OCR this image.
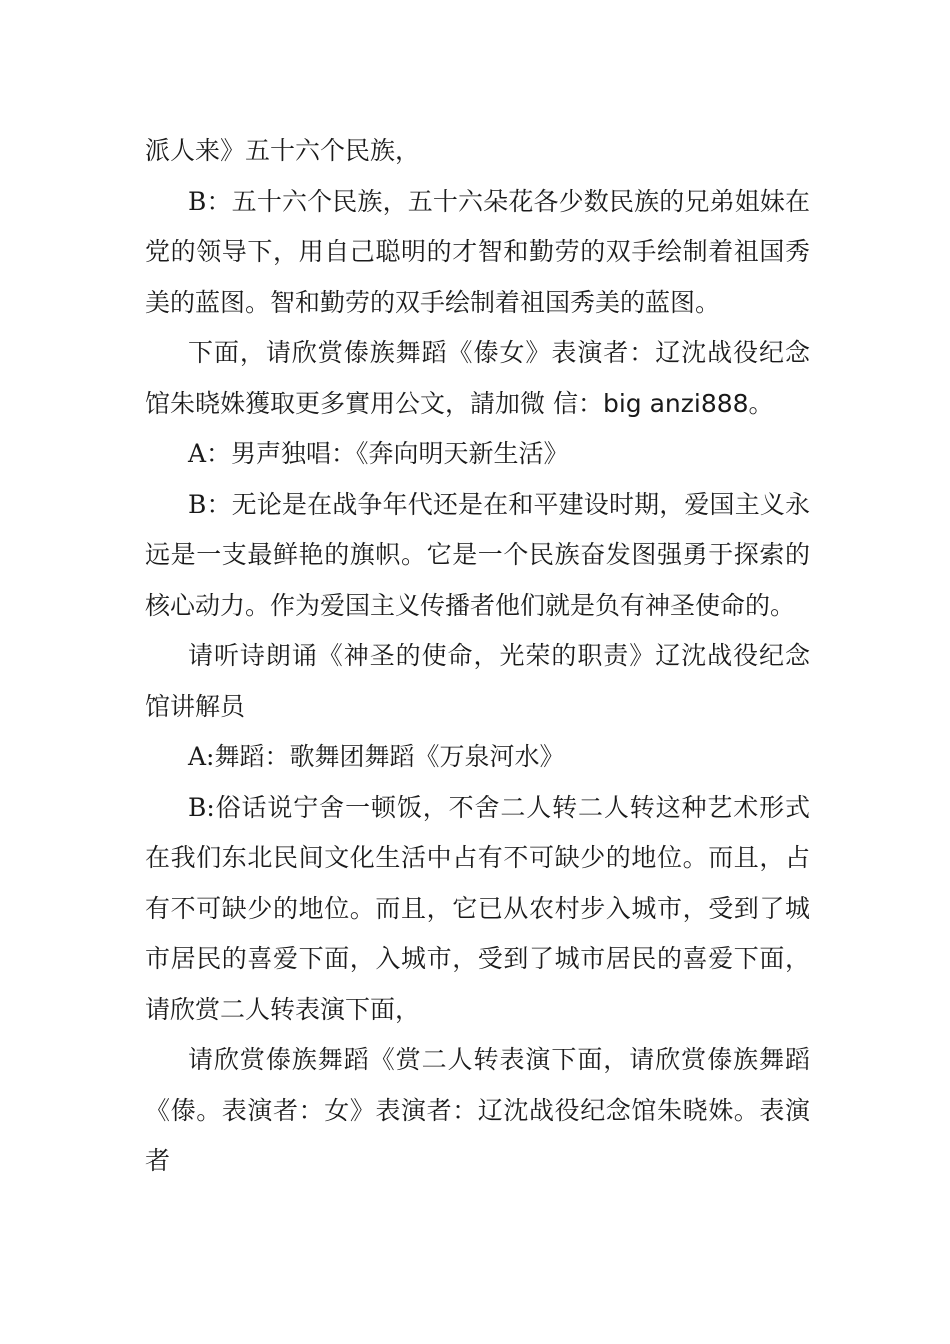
派人来》五十六个民族，

B：五十六个民族，五十六朵花各少数民族的兄弟姐妹在党的领导下，用自己聪明的才智和勤劳的双手绘制着祖国秀美的蓝图。智和勤劳的双手绘制着祖国秀美的蓝图。

下面，请欣赏傣族舞蹈《傣女》表演者：辽沈战役纪念馆朱晓姝獲取更多實用公文，請加微 信：big anzi888。

A：男声独唱：《奔向明天新生活》

B：无论是在战争年代还是在和平建设时期，爱国主义永远是一支最鲜艳的旗帜。它是一个民族奋发图强勇于探索的核心动力。作为爱国主义传播者他们就是负有神圣使命的。

请听诗朗诵《神圣的使命，光荣的职责》辽沈战役纪念馆讲解员

A:舞蹈：歌舞团舞蹈《万泉河水》

B:俗话说宁舍一顿饭，不舍二人转二人转这种艺术形式在我们东北民间文化生活中占有不可缺少的地位。而且，占有不可缺少的地位。而且，它已从农村步入城市，受到了城市居民的喜爱下面，入城市，受到了城市居民的喜爱下面，请欣赏二人转表演下面，

请欣赏傣族舞蹈《赏二人转表演下面，请欣赏傣族舞蹈《傣。表演者：女》表演者：辽沈战役纪念馆朱晓姝。表演者
